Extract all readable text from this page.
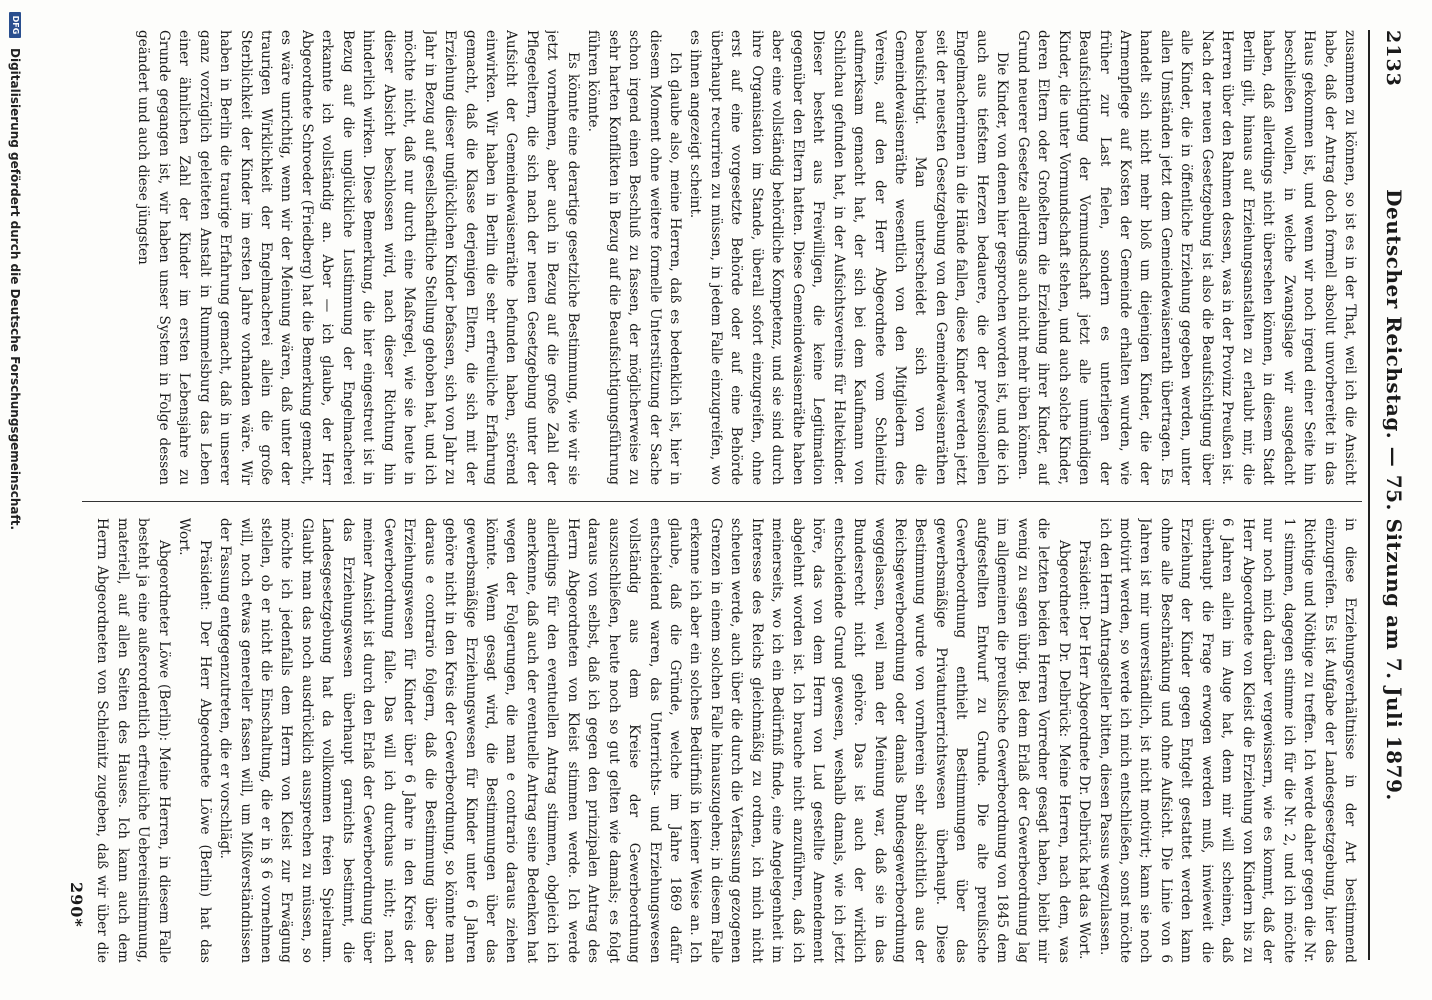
2133
Deutscher Reichstag. — 75. Sitzung am 7. Juli 1879.

zusammen zu können, so ist es in der That, weil ich die Ansicht habe, daß der Antrag doch formell absolut unvorbereitet in das Haus gekommen ist, und wenn wir noch irgend einer Seite hin beschließen wollen, in welche Zwangslage wir ausgedacht haben, daß allerdings nicht übersehen können, in diesem Stadt Berlin gilt, hinaus auf Erziehungsanstalten zu erlaubt mir, die Herren über den Rahmen dessen, was in der Provinz Preußen ist. Nach der neuen Gesetzgebung ist also die Beaufsichtigung über alle Kinder, die in öffentliche Erziehung gegeben werden, unter allen Umständen jetzt dem Gemeindewaisenrath übertragen. Es handelt sich nicht mehr bloß um diejenigen Kinder, die der Armenpflege auf Kosten der Gemeinde erhalten wurden, wie früher zur Last fielen, sondern es unterliegen der Beaufsichtigung der Vormundschaft jetzt alle unmündigen Kinder, die unter Vormundschaft stehen, und auch solche Kinder, deren Eltern oder Großeltern die Erziehung ihrer Kinder, auf Grund neuerer Gesetze allerdings auch nicht mehr üben können.

Die Kinder, von denen hier gesprochen worden ist, und die ich auch aus tiefstem Herzen bedauere, die der professionellen Engelmacherinnen in die Hände fallen, diese Kinder werden jetzt seit der neuesten Gesetzgebung von den Gemeindewaisenräthen beaufsichtigt. Man unterscheidet sich von die Gemeindewaisenräthe wesentlich von den Mitgliedern des Vereins, auf den der Herr Abgeordnete vom Schleinitz aufmerksam gemacht hat, der sich bei dem Kaufmann von Schilchau gefunden hat, in der Aufsichtsvereins für Haltekinder. Dieser besteht aus Freiwilligen, die keine Legitimation gegenüber den Eltern hatten. Diese Gemeindewaisenräthe haben aber eine vollständig behördliche Kompetenz, und sie sind durch ihre Organisation im Stande, überall sofort einzugreifen, ohne erst auf eine vorgesetzte Behörde oder auf eine Behörde überhaupt recurriren zu müssen, in jedem Falle einzugreifen, wo es ihnen angezeigt scheint.

Ich glaube also, meine Herren, daß es bedenklich ist, hier in diesem Moment ohne weitere formelle Unterstützung der Sache schon irgend einen Beschluß zu fassen, der möglicherweise zu sehr harten Konflikten in Bezug auf die Beaufsichtigungsführung führen könnte.

Es könnte eine derartige gesetzliche Bestimmung, wie wir sie jetzt vornehmen, aber auch in Bezug auf die große Zahl der Pflegeeltern, die sich nach der neuen Gesetzgebung unter der Aufsicht der Gemeindewaisenräthe befunden haben, störend einwirken. Wir haben in Berlin die sehr erfreuliche Erfahrung gemacht, daß die Klasse derjenigen Eltern, die sich mit der Erziehung dieser unglücklichen Kinder befassen, sich von Jahr zu Jahr in Bezug auf gesellschaftliche Stellung gehoben hat, und ich möchte nicht, daß nur durch eine Maßregel, wie sie heute in dieser Absicht beschlossen wird, nach dieser Richtung hin hinderlich wirken. Diese Bemerkung, die hier eingestreut ist in Bezug auf die unglückliche Lustimmung der Engelmacherei erkannte ich vollständig an. Aber — ich glaube, der Herr Abgeordnete Schroeder (Friedberg) hat die Bemerkung gemacht, es wäre unrichtig, wenn wir der Meinung wären, daß unter der traurigen Wirklichkeit der Engelmacherei allein die große Sterblichkeit der Kinder im ersten Jahre vorhanden wäre. Wir haben in Berlin die traurige Erfahrung gemacht, daß in unserer ganz vorzüglich geleiteten Anstalt in Rummelsburg das Leben einer ähnlichen Zahl der Kinder im ersten Lebensjahre zu Grunde gegangen ist, wir haben unser System in Folge dessen geändert und auch diese jüngsten

in diese Erziehungsverhältnisse in der Art bestimmend einzugreifen. Es ist Aufgabe der Landesgesetzgebung, hier das Richtige und Nöthige zu treffen. Ich werde daher gegen die Nr. 1 stimmen, dagegen stimme ich für die Nr. 2, und ich möchte nur noch mich darüber vergewissern, wie es kommt, daß der Herr Abgeordnete von Kleist die Erziehung von Kindern bis zu 6 Jahren allein im Auge hat, denn mir will scheinen, daß überhaupt die Frage erwogen werden muß, inwieweit die Erziehung der Kinder gegen Entgelt gestattet werden kann ohne alle Beschränkung und ohne Aufsicht. Die Linie von 6 Jahren ist mir unverständlich, ist nicht motivirt; kann sie noch motivirt werden, so werde ich mich entschließen, sonst möchte ich den Herrn Antragsteller bitten, diesen Passus wegzulassen.

Präsident: Der Herr Abgeordnete Dr. Delbrück hat das Wort.

Abgeordneter Dr. Delbrück: Meine Herren, nach dem, was die letzten beiden Herren Vorredner gesagt haben, bleibt mir wenig zu sagen übrig. Bei dem Erlaß der Gewerbeordnung lag im allgemeinen die preußische Gewerbeordnung von 1845 dem aufgestellten Entwurf zu Grunde. Die alte preußische Gewerbeordnung enthielt Bestimmungen über das gewerbsmäßige Privatunterrichtswesen überhaupt. Diese Bestimmung wurde von vornherein sehr absichtlich aus der Reichsgewerbeordnung oder damals Bundesgewerbeordnung weggelassen, weil man der Meinung war, daß sie in das Bundesrecht nicht gehöre. Das ist auch der wirklich entscheidende Grund gewesen, weshalb damals, wie ich jetzt höre, das von dem Herrn von Lud gestellte Amendement abgelehnt worden ist. Ich brauche nicht anzuführen, daß ich meinerseits, wo ich ein Bedürfniß finde, eine Angelegenheit im Interesse des Reichs gleichmäßig zu ordnen, ich mich nicht scheuen werde, auch über die durch die Verfassung gezogenen Grenzen in einem solchen Falle hinauszugehen; in diesem Falle erkenne ich aber ein solches Bedürfniß in keiner Weise an. Ich glaube, daß die Gründe, welche im Jahre 1869 dafür entscheidend waren, das Unterrichts- und Erziehungswesen vollständig aus dem Kreise der Gewerbeordnung auszuschließen, heute noch so gut gelten wie damals; es folgt daraus von selbst, daß ich gegen den prinzipalen Antrag des Herrn Abgeordneten von Kleist stimmen werde. Ich werde allerdings für den eventuellen Antrag stimmen, obgleich ich anerkenne, daß auch der eventuelle Antrag seine Bedenken hat wegen der Folgerungen, die man e contrario daraus ziehen könnte. Wenn gesagt wird, die Bestimmungen über das gewerbsmäßige Erziehungswesen für Kinder unter 6 Jahren gehöre nicht in den Kreis der Gewerbeordnung, so könnte man daraus e contrario folgern, daß die Bestimmung über das Erziehungswesen für Kinder über 6 Jahre in den Kreis der Gewerbeordnung falle. Das will ich durchaus nicht; nach meiner Ansicht ist durch den Erlaß der Gewerbeordnung über das Erziehungswesen überhaupt garnichts bestimmt, die Landesgesetzgebung hat da vollkommen freien Spielraum. Glaubt man das noch ausdrücklich aussprechen zu müssen, so möchte ich jedenfalls dem Herrn von Kleist zur Erwägung stellen, ob er nicht die Einschaltung, die er in § 6 vornehmen will, noch etwas genereller fassen will, um Mißverständnissen der Fassung entgegenzutreten, die er vorschlägt.

Präsident: Der Herr Abgeordnete Löwe (Berlin) hat das Wort.

Abgeordneter Löwe (Berlin): Meine Herren, in diesem Falle besteht ja eine außerordentlich erfreuliche Uebereinstimmung, materiell, auf allen Seiten des Hauses. Ich kann auch dem Herrn Abgeordneten von Schleinitz zugeben, daß wir über die

290*
DFG
Digitalisierung gefördert durch die Deutsche Forschungsgemeinschaft.
